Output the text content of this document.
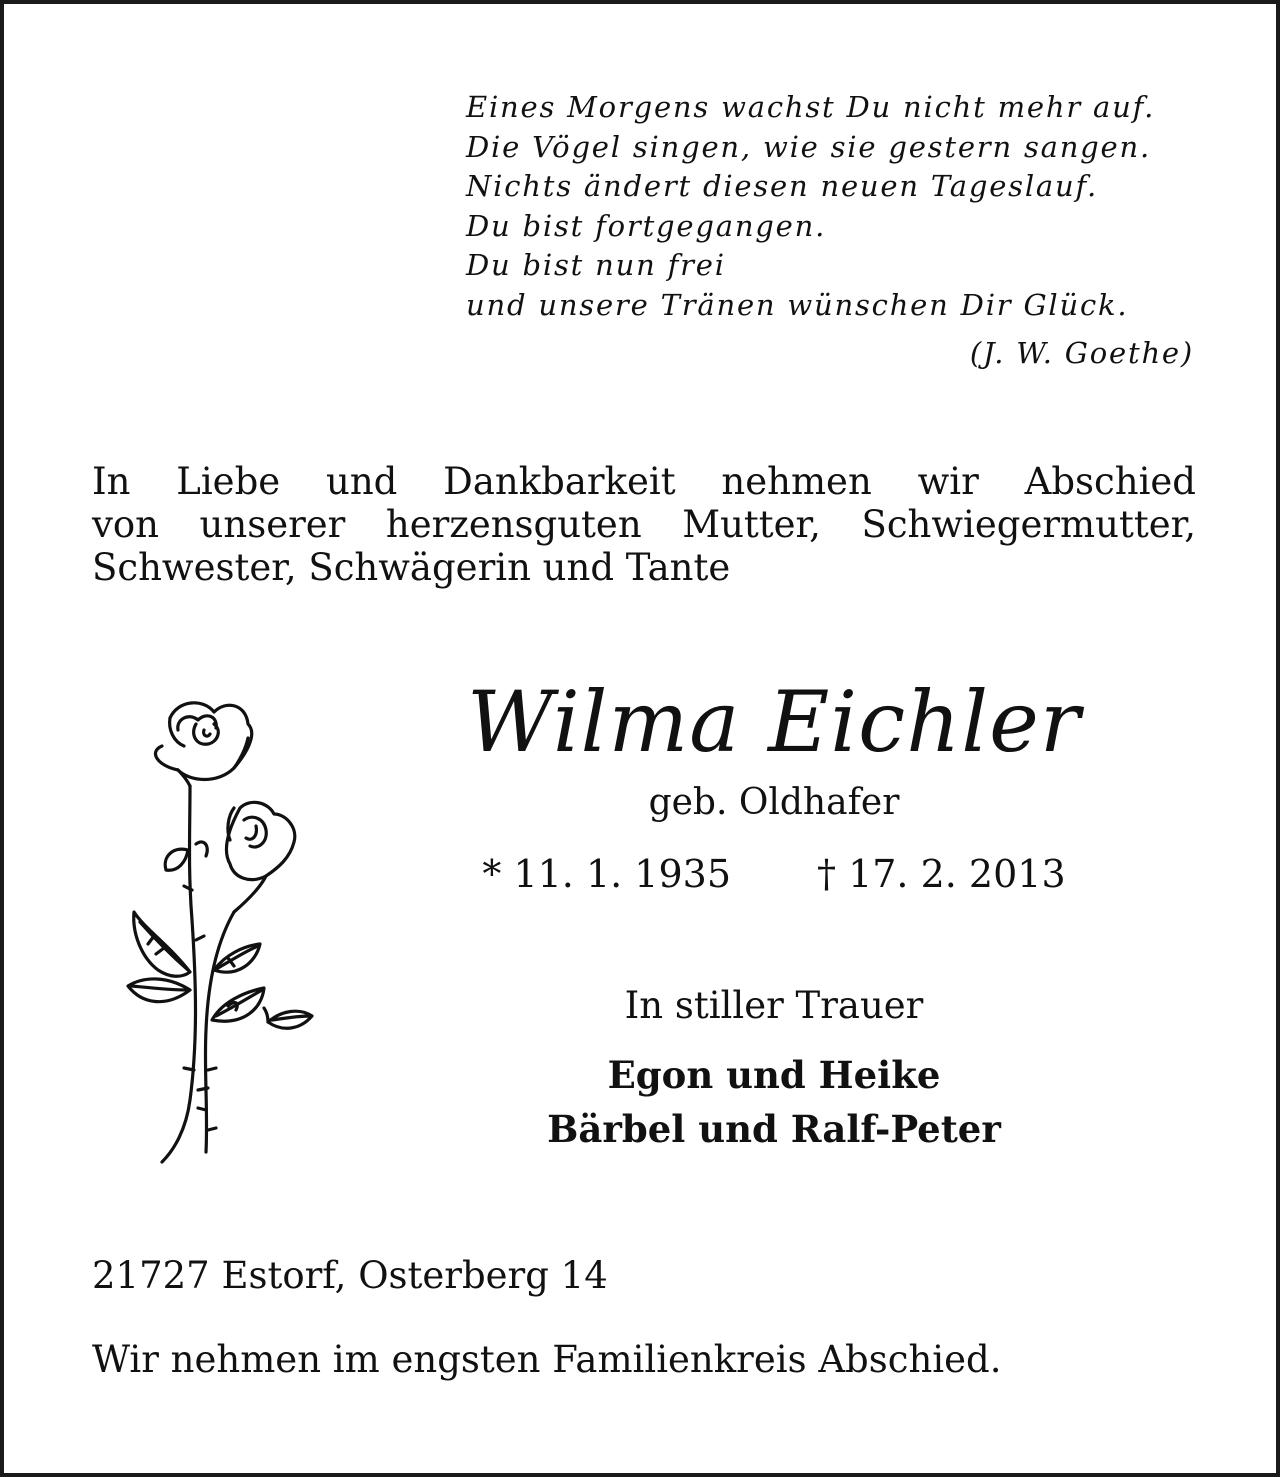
Eines Morgens wachst Du nicht mehr auf.
Die Vögel singen, wie sie gestern sangen.
Nichts ändert diesen neuen Tageslauf.
Du bist fortgegangen.
Du bist nun frei
und unsere Tränen wünschen Dir Glück.
(J. W. Goethe)
In Liebe und Dankbarkeit nehmen wir Abschied
von unserer herzensguten Mutter, Schwiegermutter,
Schwester, Schwägerin und Tante
Wilma Eichler
geb. Oldhafer
* 11. 1. 1935 † 17. 2. 2013
In stiller Trauer
Egon und Heike
Bärbel und Ralf-Peter
21727 Estorf, Osterberg 14
Wir nehmen im engsten Familienkreis Abschied.
